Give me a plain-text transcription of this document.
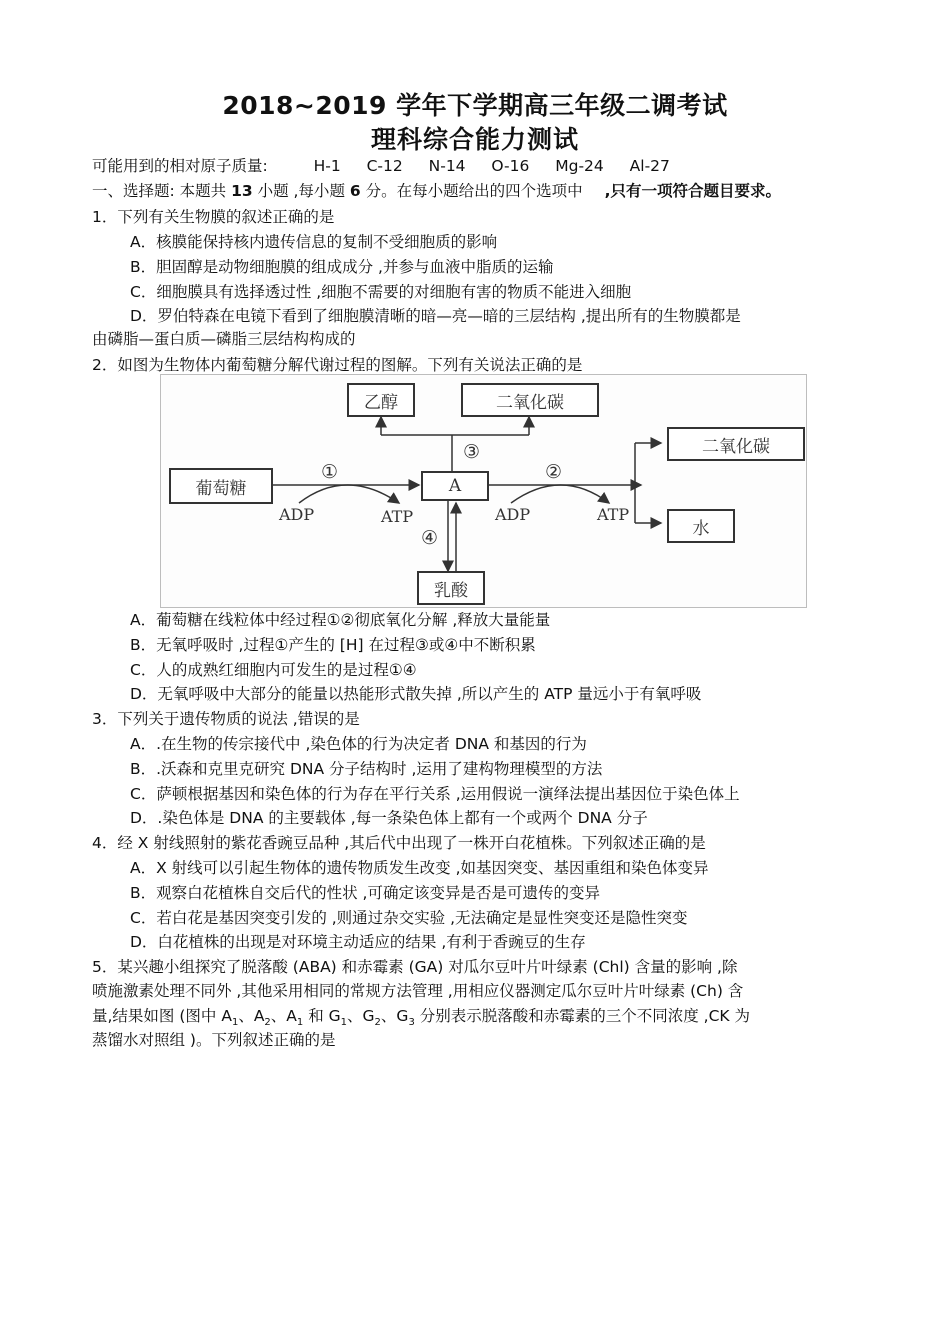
2018~2019 学年下学期高三年级二调考试
理科综合能力测试
可能用到的相对原子质量:	H-1 C-12 N-14 O-16 Mg-24 Al-27
一、选择题: 本题共 13 小题 ,每小题 6 分。在每小题给出的四个选项中 ,只有一项符合题目要求。
1．下列有关生物膜的叙述正确的是
A．核膜能保持核内遗传信息的复制不受细胞质的影响
B．胆固醇是动物细胞膜的组成成分 ,并参与血液中脂质的运输
C．细胞膜具有选择透过性 ,细胞不需要的对细胞有害的物质不能进入细胞
D．罗伯特森在电镜下看到了细胞膜清晰的暗—亮—暗的三层结构 ,提出所有的生物膜都是
由磷脂—蛋白质—磷脂三层结构构成的
2．如图为生物体内葡萄糖分解代谢过程的图解。下列有关说法正确的是
乙醇	二氧化碳
二氧化碳
水
葡萄糖	A
乳酸
①	②
③
④
ADP	ATP	ADP	ATP
A．葡萄糖在线粒体中经过程①②彻底氧化分解 ,释放大量能量
B．无氧呼吸时 ,过程①产生的 [H] 在过程③或④中不断积累
C．人的成熟红细胞内可发生的是过程①④
D．无氧呼吸中大部分的能量以热能形式散失掉 ,所以产生的 ATP 量远小于有氧呼吸
3．下列关于遗传物质的说法 ,错误的是
A．.在生物的传宗接代中 ,染色体的行为决定者 DNA 和基因的行为
B．.沃森和克里克研究 DNA 分子结构时 ,运用了建构物理模型的方法
C．萨顿根据基因和染色体的行为存在平行关系 ,运用假说一演绎法提出基因位于染色体上
D．.染色体是 DNA 的主要载体 ,每一条染色体上都有一个或两个 DNA 分子
4．经 X 射线照射的紫花香豌豆品种 ,其后代中出现了一株开白花植株。下列叙述正确的是
A．X 射线可以引起生物体的遗传物质发生改变 ,如基因突变、基因重组和染色体变异
B．观察白花植株自交后代的性状 ,可确定该变异是否是可遗传的变异
C．若白花是基因突变引发的 ,则通过杂交实验 ,无法确定是显性突变还是隐性突变
D．白花植株的出现是对环境主动适应的结果 ,有利于香豌豆的生存
5．某兴趣小组探究了脱落酸 (ABA) 和赤霉素 (GA) 对瓜尔豆叶片叶绿素 (Chl) 含量的影响 ,除
喷施激素处理不同外 ,其他采用相同的常规方法管理 ,用相应仪器测定瓜尔豆叶片叶绿素 (Ch) 含
量,结果如图 (图中 $A_1$、$A_2$、$A_1$ 和 $G_1$、$G_2$、$G_3$ 分别表示脱落酸和赤霉素的三个不同浓度 ,CK 为
蒸馏水对照组 )。下列叙述正确的是
